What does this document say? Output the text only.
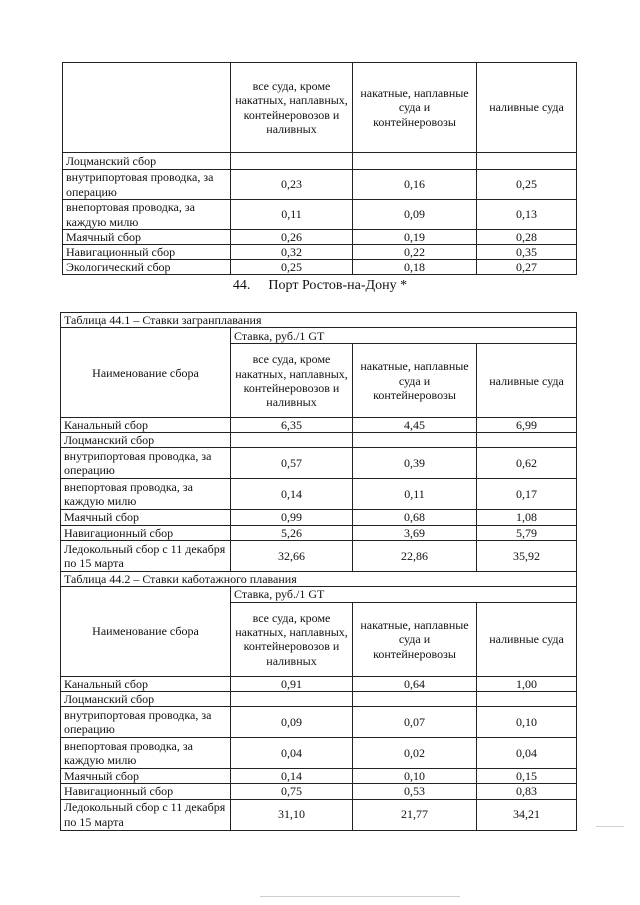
	все суда, кроме накатных, наплавных, контейнеровозов и наливных	накатные, наплавные суда и контейнеровозы	наливные суда
Лоцманский сбор			
внутрипортовая проводка, за операцию	0,23	0,16	0,25
внепортовая проводка, за каждую милю	0,11	0,09	0,13
Маячный сбор	0,26	0,19	0,28
Навигационный сбор	0,32	0,22	0,35
Экологический сбор	0,25	0,18	0,27
44. Порт Ростов-на-Дону *
Таблица 44.1 – Ставки загранплавания			
Наименование сбора	Ставка, руб./1 GT		
	все суда, кроме накатных, наплавных, контейнеровозов и наливных	накатные, наплавные суда и контейнеровозы	наливные суда
Канальный сбор	6,35	4,45	6,99
Лоцманский сбор			
внутрипортовая проводка, за операцию	0,57	0,39	0,62
внепортовая проводка, за каждую милю	0,14	0,11	0,17
Маячный сбор	0,99	0,68	1,08
Навигационный сбор	5,26	3,69	5,79
Ледокольный сбор с 11 декабря по 15 марта	32,66	22,86	35,92
Таблица 44.2 – Ставки каботажного плавания			
Наименование сбора	Ставка, руб./1 GT		
	все суда, кроме накатных, наплавных, контейнеровозов и наливных	накатные, наплавные суда и контейнеровозы	наливные суда
Канальный сбор	0,91	0,64	1,00
Лоцманский сбор			
внутрипортовая проводка, за операцию	0,09	0,07	0,10
внепортовая проводка, за каждую милю	0,04	0,02	0,04
Маячный сбор	0,14	0,10	0,15
Навигационный сбор	0,75	0,53	0,83
Ледокольный сбор с 11 декабря по 15 марта	31,10	21,77	34,21
